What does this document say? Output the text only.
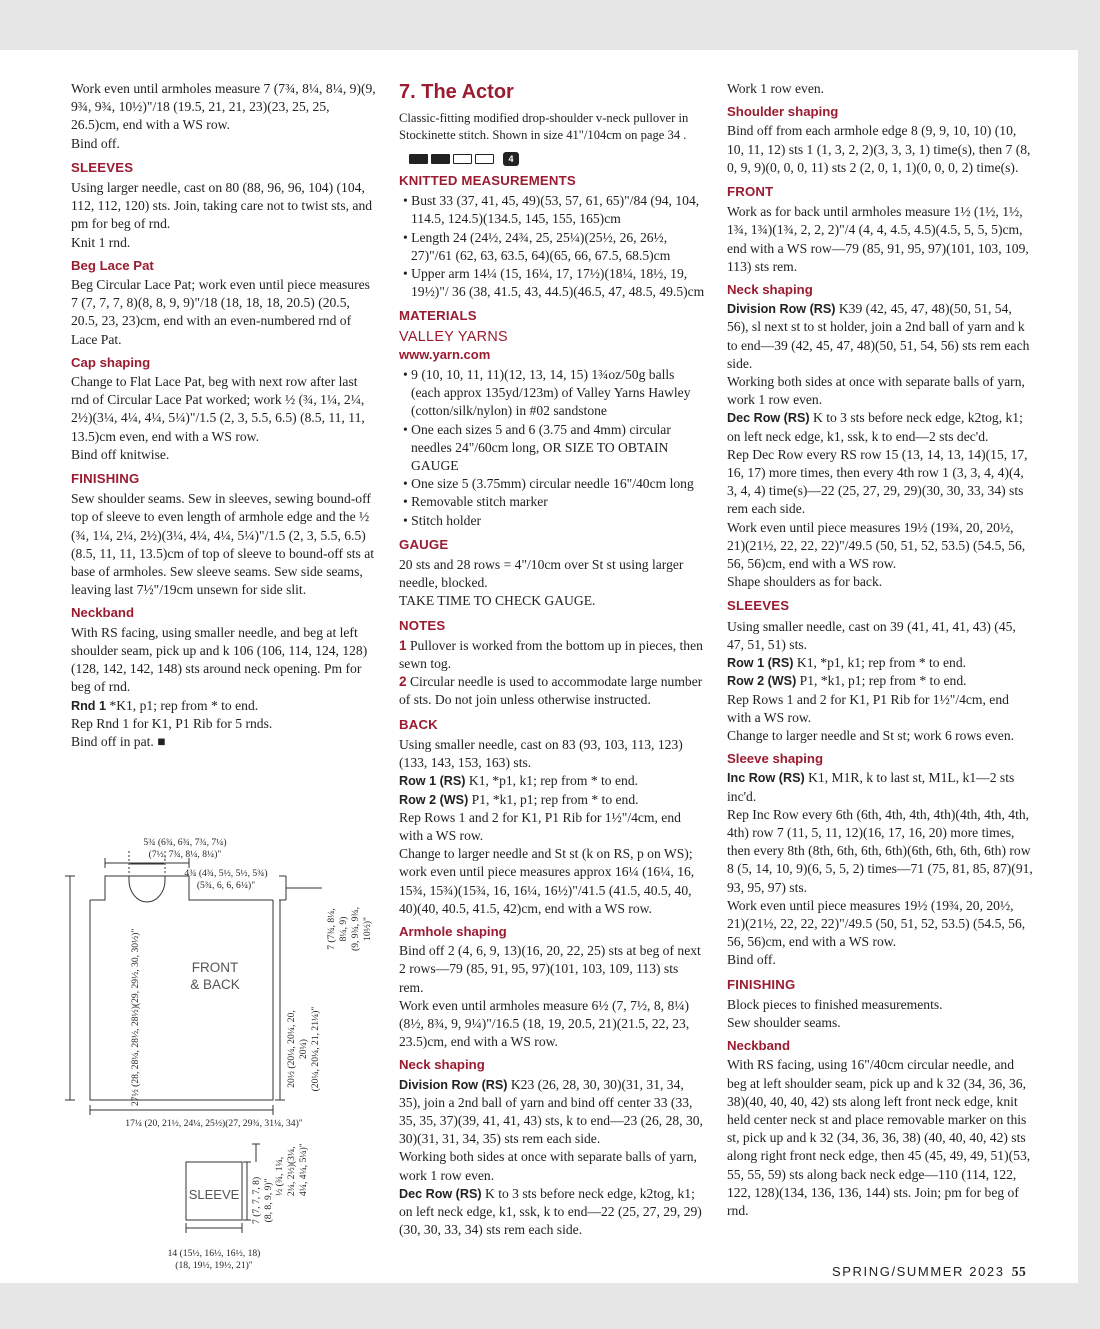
Work even until armholes measure 7 (7¾, 8¼, 8¼, 9)(9, 9¾, 9¾, 10½)"/18 (19.5, 21, 21, 23)(23, 25, 25, 26.5)cm, end with a WS row.

Bind off.

SLEEVES

Using larger needle, cast on 80 (88, 96, 96, 104) (104, 112, 112, 120) sts. Join, taking care not to twist sts, and pm for beg of rnd.

Knit 1 rnd.

Beg Lace Pat

Beg Circular Lace Pat; work even until piece measures 7 (7, 7, 7, 8)(8, 8, 9, 9)"/18 (18, 18, 18, 20.5) (20.5, 20.5, 23, 23)cm, end with an even-numbered rnd of Lace Pat.

Cap shaping

Change to Flat Lace Pat, beg with next row after last rnd of Circular Lace Pat worked; work ½ (¾, 1¼, 2¼, 2½)(3¼, 4¼, 4¼, 5¼)"/1.5 (2, 3, 5.5, 6.5) (8.5, 11, 11, 13.5)cm even, end with a WS row.

Bind off knitwise.

FINISHING

Sew shoulder seams. Sew in sleeves, sewing bound-off top of sleeve to even length of armhole edge and the ½ (¾, 1¼, 2¼, 2½)(3¼, 4¼, 4¼, 5¼)"/1.5 (2, 3, 5.5, 6.5)(8.5, 11, 11, 13.5)cm of top of sleeve to bound-off sts at base of armholes. Sew sleeve seams. Sew side seams, leaving last 7½"/19cm unsewn for side slit.

Neckband

With RS facing, using smaller needle, and beg at left shoulder seam, pick up and k 106 (106, 114, 124, 128)(128, 142, 142, 148) sts around neck opening. Pm for beg of rnd.

Rnd 1 *K1, p1; rep from * to end.

Rep Rnd 1 for K1, P1 Rib for 5 rnds.

Bind off in pat. ■

5¾ (6¾, 6¾, 7¾, 7¼)
(7½, 7¾, 8¼, 8¼)"
4¾ (4¾, 5½, 5½, 5¾)
(5¾, 6, 6, 6¼)"
FRONT
& BACK
27½ (28, 28¼, 28½, 28½)(29, 29½, 30, 30½)"	7 (7¾, 8¼, 8¼, 9)
(9, 9¾, 9¾, 10½)"
20½ (20¼, 20¼, 20, 20¼)
(20¼, 20¼, 21, 21¼)"
17¼ (20, 21½, 24¼, 25½)(27, 29¾, 31¼, 34)"
SLEEVE
7 (7, 7, 7, 8)
(8, 8, 9, 9)"
½ (¾, 1¼,
2¼, 2½)(3¼,
4¼, 4¼, 5¼)"
14 (15½, 16½, 16½, 18)
(18, 19½, 19½, 21)"
7. The Actor

Classic-fitting modified drop-shoulder v-neck pullover in Stockinette stitch. Shown in size 41"/104cm on page 34 .

4
KNITTED MEASUREMENTS

• Bust 33 (37, 41, 45, 49)(53, 57, 61, 65)"/84 (94, 104, 114.5, 124.5)(134.5, 145, 155, 165)cm

• Length 24 (24½, 24¾, 25, 25¼)(25½, 26, 26½, 27)"/61 (62, 63, 63.5, 64)(65, 66, 67.5, 68.5)cm

• Upper arm 14¼ (15, 16¼, 17, 17½)(18¼, 18½, 19, 19½)"/ 36 (38, 41.5, 43, 44.5)(46.5, 47, 48.5, 49.5)cm

MATERIALS
VALLEY YARNS
www.yarn.com

• 9 (10, 10, 11, 11)(12, 13, 14, 15) 1¾oz/50g balls (each approx 135yd/123m) of Valley Yarns Hawley (cotton/silk/nylon) in #02 sandstone

• One each sizes 5 and 6 (3.75 and 4mm) circular needles 24"/60cm long, OR SIZE TO OBTAIN GAUGE

• One size 5 (3.75mm) circular needle 16"/40cm long

• Removable stitch marker

• Stitch holder

GAUGE

20 sts and 28 rows = 4"/10cm over St st using larger needle, blocked.

TAKE TIME TO CHECK GAUGE.

NOTES

1 Pullover is worked from the bottom up in pieces, then sewn tog.

2 Circular needle is used to accommodate large number of sts. Do not join unless otherwise instructed.

BACK

Using smaller needle, cast on 83 (93, 103, 113, 123) (133, 143, 153, 163) sts.

Row 1 (RS) K1, *p1, k1; rep from * to end.

Row 2 (WS) P1, *k1, p1; rep from * to end.

Rep Rows 1 and 2 for K1, P1 Rib for 1½"/4cm, end with a WS row.

Change to larger needle and St st (k on RS, p on WS); work even until piece measures approx 16¼ (16¼, 16, 15¾, 15¾)(15¾, 16, 16¼, 16½)"/41.5 (41.5, 40.5, 40, 40)(40, 40.5, 41.5, 42)cm, end with a WS row.

Armhole shaping

Bind off 2 (4, 6, 9, 13)(16, 20, 22, 25) sts at beg of next 2 rows—79 (85, 91, 95, 97)(101, 103, 109, 113) sts rem.

Work even until armholes measure 6½ (7, 7½, 8, 8¼)(8½, 8¾, 9, 9¼)"/16.5 (18, 19, 20.5, 21)(21.5, 22, 23, 23.5)cm, end with a WS row.

Neck shaping

Division Row (RS) K23 (26, 28, 30, 30)(31, 31, 34, 35), join a 2nd ball of yarn and bind off center 33 (33, 35, 35, 37)(39, 41, 41, 43) sts, k to end—23 (26, 28, 30, 30)(31, 31, 34, 35) sts rem each side.

Working both sides at once with separate balls of yarn, work 1 row even.

Dec Row (RS) K to 3 sts before neck edge, k2tog, k1; on left neck edge, k1, ssk, k to end—22 (25, 27, 29, 29)(30, 30, 33, 34) sts rem each side.

Work 1 row even.

Shoulder shaping

Bind off from each armhole edge 8 (9, 9, 10, 10) (10, 10, 11, 12) sts 1 (1, 3, 2, 2)(3, 3, 3, 1) time(s), then 7 (8, 0, 9, 9)(0, 0, 0, 11) sts 2 (2, 0, 1, 1)(0, 0, 0, 2) time(s).

FRONT

Work as for back until armholes measure 1½ (1½, 1½, 1¾, 1¾)(1¾, 2, 2, 2)"/4 (4, 4, 4.5, 4.5)(4.5, 5, 5, 5)cm, end with a WS row—79 (85, 91, 95, 97)(101, 103, 109, 113) sts rem.

Neck shaping

Division Row (RS) K39 (42, 45, 47, 48)(50, 51, 54, 56), sl next st to st holder, join a 2nd ball of yarn and k to end—39 (42, 45, 47, 48)(50, 51, 54, 56) sts rem each side.

Working both sides at once with separate balls of yarn, work 1 row even.

Dec Row (RS) K to 3 sts before neck edge, k2tog, k1; on left neck edge, k1, ssk, k to end—2 sts dec'd.

Rep Dec Row every RS row 15 (13, 14, 13, 14)(15, 17, 16, 17) more times, then every 4th row 1 (3, 3, 4, 4)(4, 3, 4, 4) time(s)—22 (25, 27, 29, 29)(30, 30, 33, 34) sts rem each side.

Work even until piece measures 19½ (19¾, 20, 20½, 21)(21½, 22, 22, 22)"/49.5 (50, 51, 52, 53.5) (54.5, 56, 56, 56)cm, end with a WS row.

Shape shoulders as for back.

SLEEVES

Using smaller needle, cast on 39 (41, 41, 41, 43) (45, 47, 51, 51) sts.

Row 1 (RS) K1, *p1, k1; rep from * to end.

Row 2 (WS) P1, *k1, p1; rep from * to end.

Rep Rows 1 and 2 for K1, P1 Rib for 1½"/4cm, end with a WS row.

Change to larger needle and St st; work 6 rows even.

Sleeve shaping

Inc Row (RS) K1, M1R, k to last st, M1L, k1—2 sts inc'd.

Rep Inc Row every 6th (6th, 4th, 4th, 4th)(4th, 4th, 4th, 4th) row 7 (11, 5, 11, 12)(16, 17, 16, 20) more times, then every 8th (8th, 6th, 6th, 6th)(6th, 6th, 6th, 6th) row 8 (5, 14, 10, 9)(6, 5, 5, 2) times—71 (75, 81, 85, 87)(91, 93, 95, 97) sts.

Work even until piece measures 19½ (19¾, 20, 20½, 21)(21½, 22, 22, 22)"/49.5 (50, 51, 52, 53.5) (54.5, 56, 56, 56)cm, end with a WS row.

Bind off.

FINISHING

Block pieces to finished measurements.

Sew shoulder seams.

Neckband

With RS facing, using 16"/40cm circular needle, and beg at left shoulder seam, pick up and k 32 (34, 36, 36, 38)(40, 40, 40, 42) sts along left front neck edge, knit held center neck st and place removable marker on this st, pick up and k 32 (34, 36, 36, 38) (40, 40, 40, 42) sts along right front neck edge, then 45 (45, 49, 49, 51)(53, 55, 55, 59) sts along back neck edge—110 (114, 122, 122, 128)(134, 136, 136, 144) sts. Join; pm for beg of rnd.

SPRING/SUMMER 2023 55
